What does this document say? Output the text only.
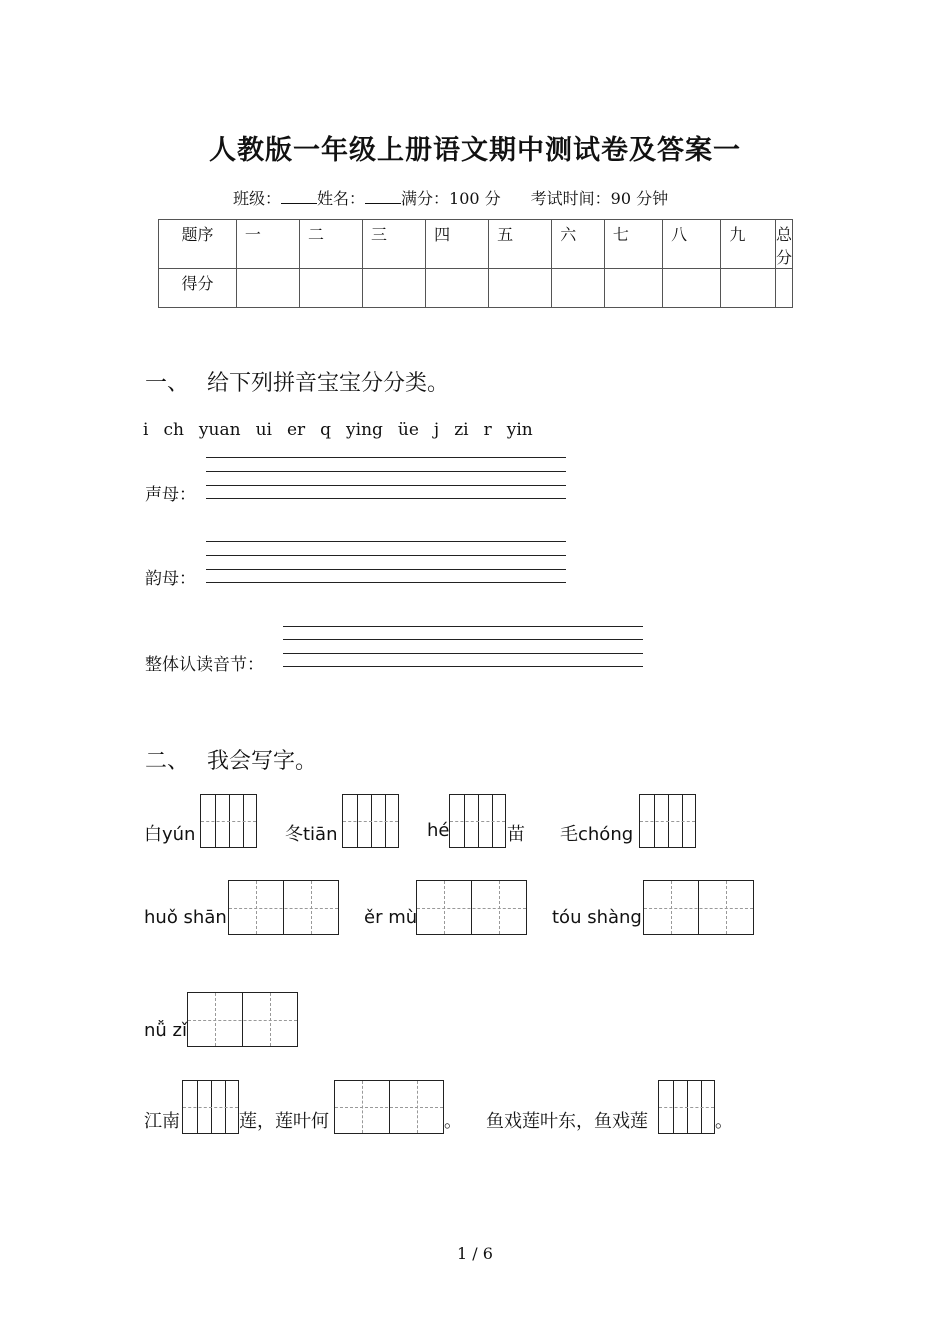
人教版一年级上册语文期中测试卷及答案一
班级： 姓名： 满分：100 分 考试时间：90 分钟
题序	一	二	三	四	五	六	七	八	九	总分
得分										
一、 给下列拼音宝宝分分类。
i ch yuan ui er q ying üe j zi r yin
声母：
韵母：
整体认读音节：
二、 我会写字。
白yún	冬tiān	hé	苗 毛chóng
huǒ shān	ěr mù	tóu shàng
nǚ zǐ
江南	莲，莲叶何	。 鱼戏莲叶东，鱼戏莲	。
1 / 6
